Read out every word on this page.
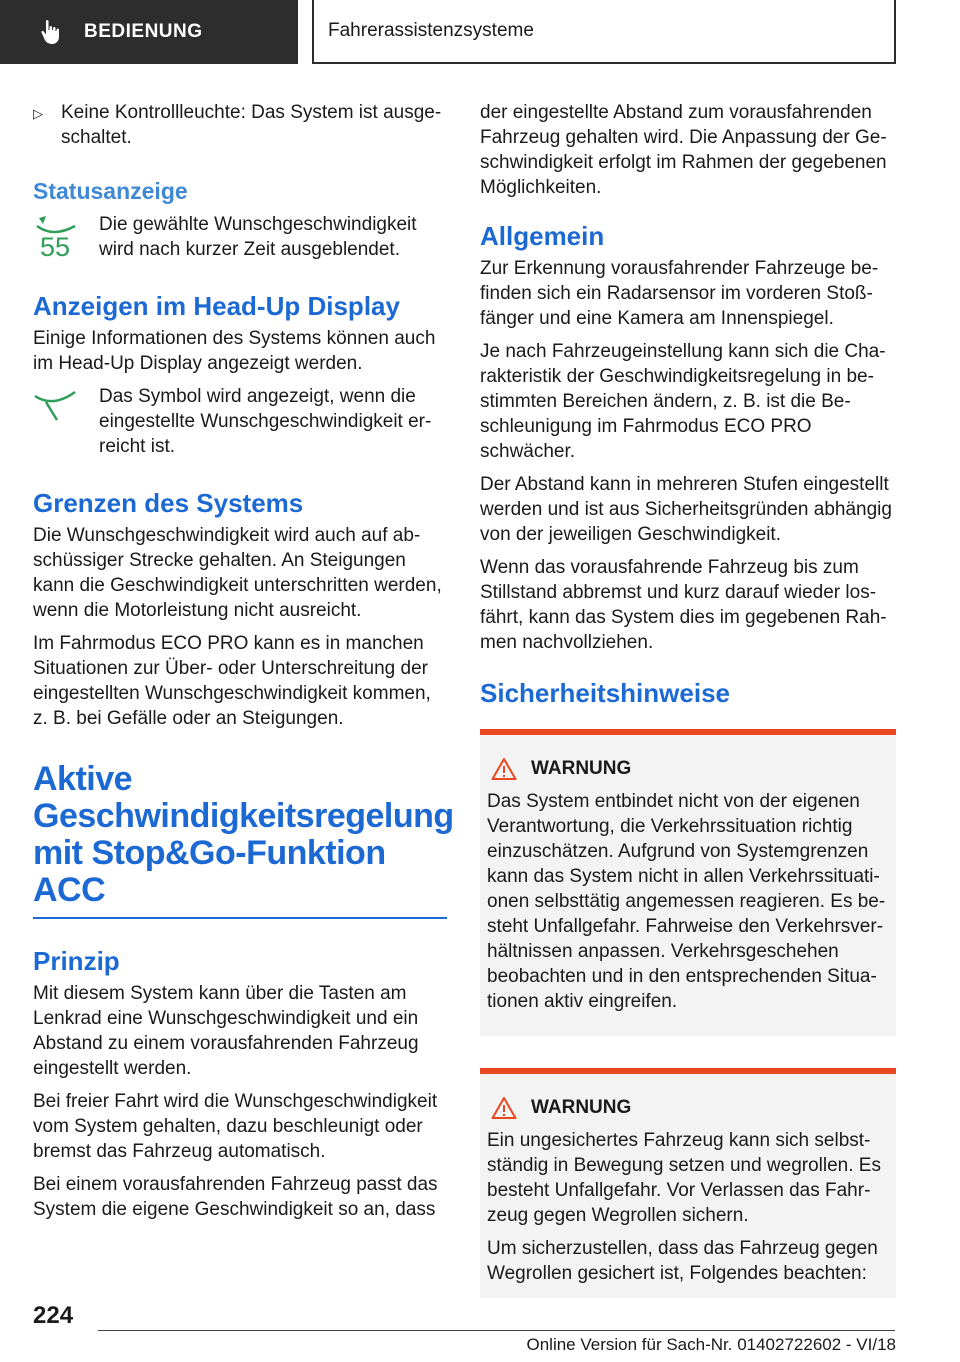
BEDIENUNG	Fahrerassistenzsysteme
▷ Keine Kontrollleuchte: Das System ist ausgeschaltet.

Statusanzeige
55

Die gewählte Wunschgeschwindigkeit wird nach kurzer Zeit ausgeblendet.

Anzeigen im Head-Up Display

Einige Informationen des Systems können auch im Head-Up Display angezeigt werden.

Das Symbol wird angezeigt, wenn die eingestellte Wunschgeschwindigkeit erreicht ist.

Grenzen des Systems

Die Wunschgeschwindigkeit wird auch auf abschüssiger Strecke gehalten. An Steigungen kann die Geschwindigkeit unterschritten werden, wenn die Motorleistung nicht ausreicht.

Im Fahrmodus ECO PRO kann es in manchen Situationen zur Über- oder Unterschreitung der eingestellten Wunschgeschwindigkeit kommen, z. B. bei Gefälle oder an Steigungen.

Aktive
Geschwindigkeitsregelung
mit Stop&Go-Funktion
ACC
Prinzip

Mit diesem System kann über die Tasten am Lenkrad eine Wunschgeschwindigkeit und ein Abstand zu einem vorausfahrenden Fahrzeug eingestellt werden.

Bei freier Fahrt wird die Wunschgeschwindigkeit vom System gehalten, dazu beschleunigt oder bremst das Fahrzeug automatisch.

Bei einem vorausfahrenden Fahrzeug passt das System die eigene Geschwindigkeit so an, dass

der eingestellte Abstand zum vorausfahrenden Fahrzeug gehalten wird. Die Anpassung der Geschwindigkeit erfolgt im Rahmen der gegebenen Möglichkeiten.

Allgemein

Zur Erkennung vorausfahrender Fahrzeuge befinden sich ein Radarsensor im vorderen Stoßfänger und eine Kamera am Innenspiegel.

Je nach Fahrzeugeinstellung kann sich die Charakteristik der Geschwindigkeitsregelung in bestimmten Bereichen ändern, z. B. ist die Beschleunigung im Fahrmodus ECO PRO schwächer.

Der Abstand kann in mehreren Stufen eingestellt werden und ist aus Sicherheitsgründen abhängig von der jeweiligen Geschwindigkeit.

Wenn das vorausfahrende Fahrzeug bis zum Stillstand abbremst und kurz darauf wieder losfährt, kann das System dies im gegebenen Rahmen nachvollziehen.

Sicherheitshinweise
WARNUNG

Das System entbindet nicht von der eigenen Verantwortung, die Verkehrssituation richtig einzuschätzen. Aufgrund von Systemgrenzen kann das System nicht in allen Verkehrssituationen selbsttätig angemessen reagieren. Es besteht Unfallgefahr. Fahrweise den Verkehrsverhältnissen anpassen. Verkehrsgeschehen beobachten und in den entsprechenden Situationen aktiv eingreifen.

WARNUNG

Ein ungesichertes Fahrzeug kann sich selbstständig in Bewegung setzen und wegrollen. Es besteht Unfallgefahr. Vor Verlassen das Fahrzeug gegen Wegrollen sichern.

Um sicherzustellen, dass das Fahrzeug gegen Wegrollen gesichert ist, Folgendes beachten:

224
Online Version für Sach-Nr. 01402722602 - VI/18
